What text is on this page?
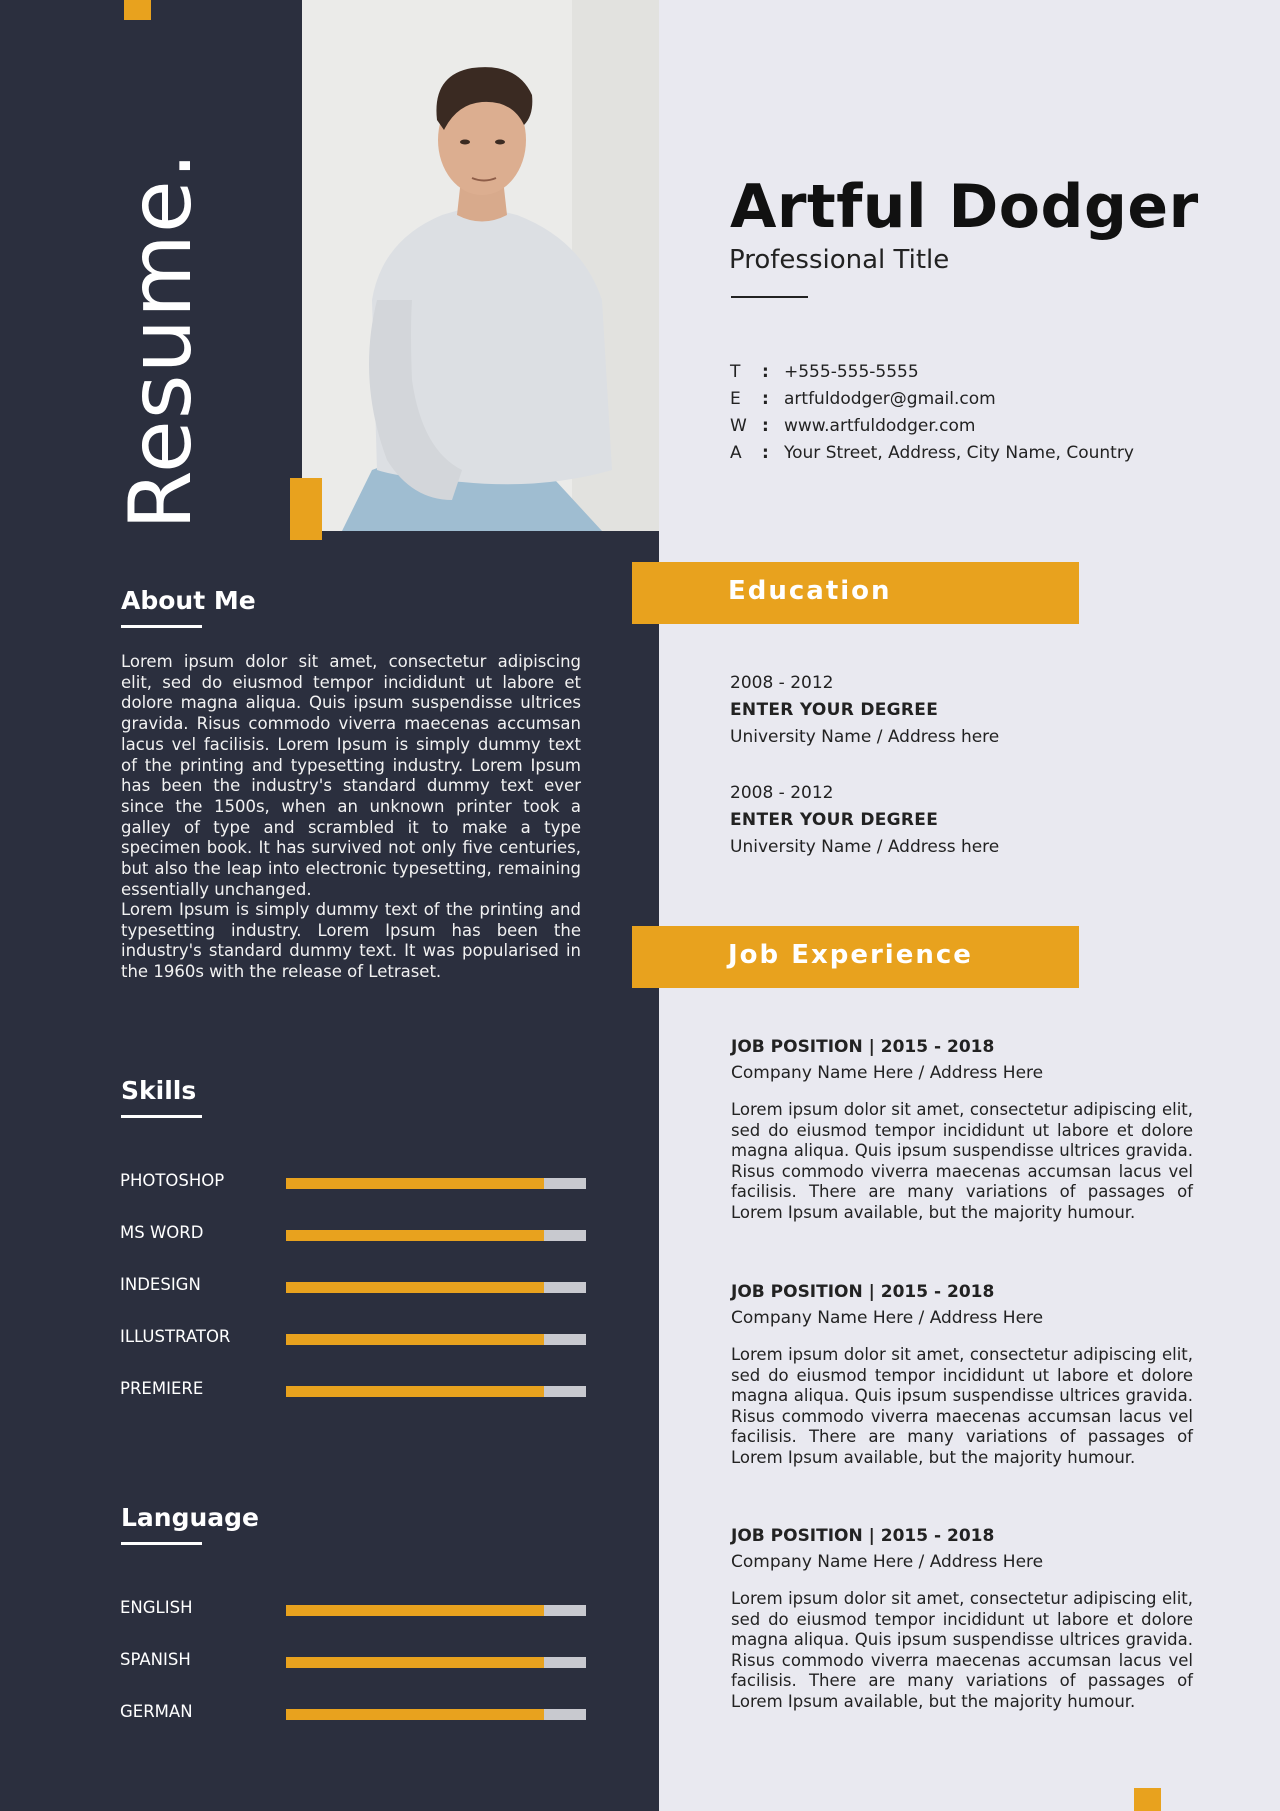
Resume.	Artful Dodger
Professional Title
T	: +555-555-5555
E	: artfuldodger@gmail.com
W : www.artfuldodger.com
A	: Your Street, Address, City Name, Country
About Me
Lorem ipsum dolor sit amet, consectetur adipiscing elit, sed do eiusmod tempor incididunt ut labore et dolore magna aliqua. Quis ipsum suspendisse ultrices gravida. Risus commodo viverra maecenas accumsan lacus vel facilisis. Lorem Ipsum is simply dummy text of the printing and typesetting industry. Lorem Ipsum has been the industry's standard dummy text ever since the 1500s, when an unknown printer took a galley of type and scrambled it to make a type specimen book. It has survived not only five centuries, but also the leap into electronic typesetting, remaining essentially unchanged.
Lorem Ipsum is simply dummy text of the printing and typesetting industry. Lorem Ipsum has been the industry's standard dummy text. It was popularised in the 1960s with the release of Letraset.
Skills
PHOTOSHOP
MS WORD
INDESIGN
ILLUSTRATOR
PREMIERE
Language
ENGLISH
SPANISH
GERMAN
Education
2008 - 2012
ENTER YOUR DEGREE
University Name / Address here
2008 - 2012
ENTER YOUR DEGREE
University Name / Address here
Job Experience
JOB POSITION | 2015 - 2018
Company Name Here / Address Here
Lorem ipsum dolor sit amet, consectetur adipiscing elit, sed do eiusmod tempor incididunt ut labore et dolore magna aliqua. Quis ipsum suspendisse ultrices gravida. Risus commodo viverra maecenas accumsan lacus vel facilisis. There are many variations of passages of Lorem Ipsum available, but the majority humour.
JOB POSITION | 2015 - 2018
Company Name Here / Address Here
Lorem ipsum dolor sit amet, consectetur adipiscing elit, sed do eiusmod tempor incididunt ut labore et dolore magna aliqua. Quis ipsum suspendisse ultrices gravida. Risus commodo viverra maecenas accumsan lacus vel facilisis. There are many variations of passages of Lorem Ipsum available, but the majority humour.
JOB POSITION | 2015 - 2018
Company Name Here / Address Here
Lorem ipsum dolor sit amet, consectetur adipiscing elit, sed do eiusmod tempor incididunt ut labore et dolore magna aliqua. Quis ipsum suspendisse ultrices gravida. Risus commodo viverra maecenas accumsan lacus vel facilisis. There are many variations of passages of Lorem Ipsum available, but the majority humour.
